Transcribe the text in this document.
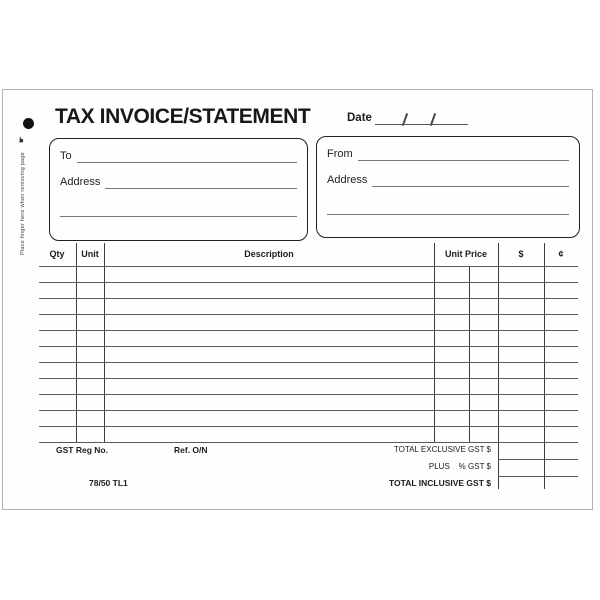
☛
Place finger here when removing page
TAX INVOICE/STATEMENT	Date
To
Address
From
Address
Qty Unit	Description	Unit Price	$	¢
GST Reg No.	Ref. O/N	TOTAL EXCLUSIVE GST $
PLUS    % GST $
TOTAL INCLUSIVE GST $
78/50 TL1
